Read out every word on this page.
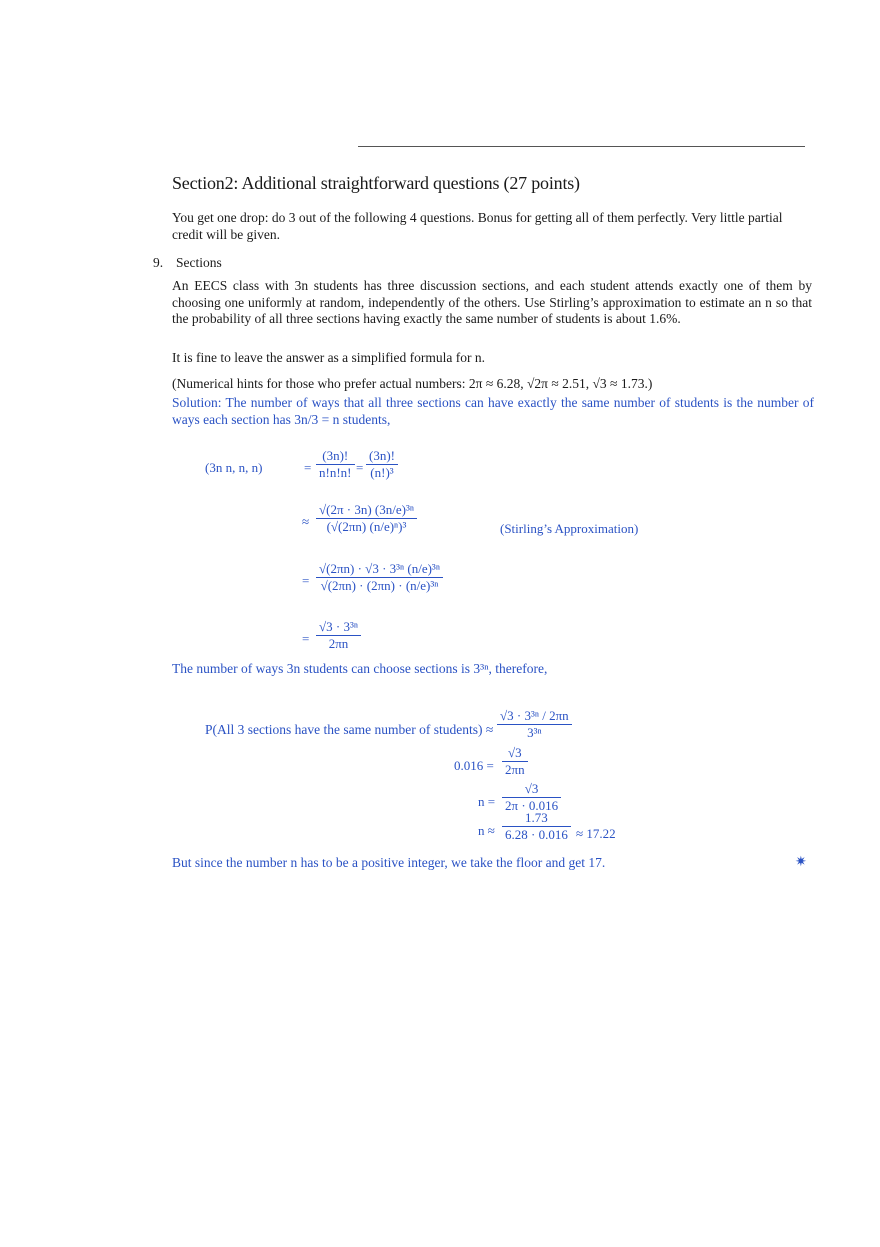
Section2: Additional straightforward questions (27 points)
You get one drop: do 3 out of the following 4 questions. Bonus for getting all of them perfectly. Very little partial credit will be given.
9. Sections
An EECS class with 3n students has three discussion sections, and each student attends exactly one of them by choosing one uniformly at random, independently of the others. Use Stirling’s approximation to estimate an n so that the probability of all three sections having exactly the same number of students is about 1.6%.
It is fine to leave the answer as a simplified formula for n.
(Numerical hints for those who prefer actual numbers: 2π ≈ 6.28, √2π ≈ 2.51, √3 ≈ 1.73.)
Solution: The number of ways that all three sections can have exactly the same number of students is the number of ways each section has 3n/3 = n students,
(3n n, n, n)	= $\frac{(3n)!}{n!n!n!} = \frac{(3n)!}{\text{(n!)³}}$
≈ $\frac{\text{√(2π · 3n) (3n/e)³ⁿ}}{\text{(√(2πn) (n/e)ⁿ)³}}$	(Stirling’s Approximation)
= $\frac{\text{√(2πn) · √3 · 3³ⁿ (n/e)³ⁿ}}{\text{√(2πn) · (2πn) · (n/e)³ⁿ}}$
= $\frac{\text{√3 · 3³ⁿ}}{2\pi n}$
The number of ways 3n students can choose sections is 3³ⁿ, therefore,
P(All 3 sections have the same number of students) ≈ $\frac{\text{√3 · 3³ⁿ / 2πn}}{\text{3³ⁿ}}$
$0.016 = \frac{√3}{2\pi n}$
$n = \frac{√3}{2\pi \cdot 0.016}$
$n \approx \frac{1.73}{6.28 \cdot 0.016} \approx 17.22$
But since the number n has to be a positive integer, we take the floor and get 17.	✷
